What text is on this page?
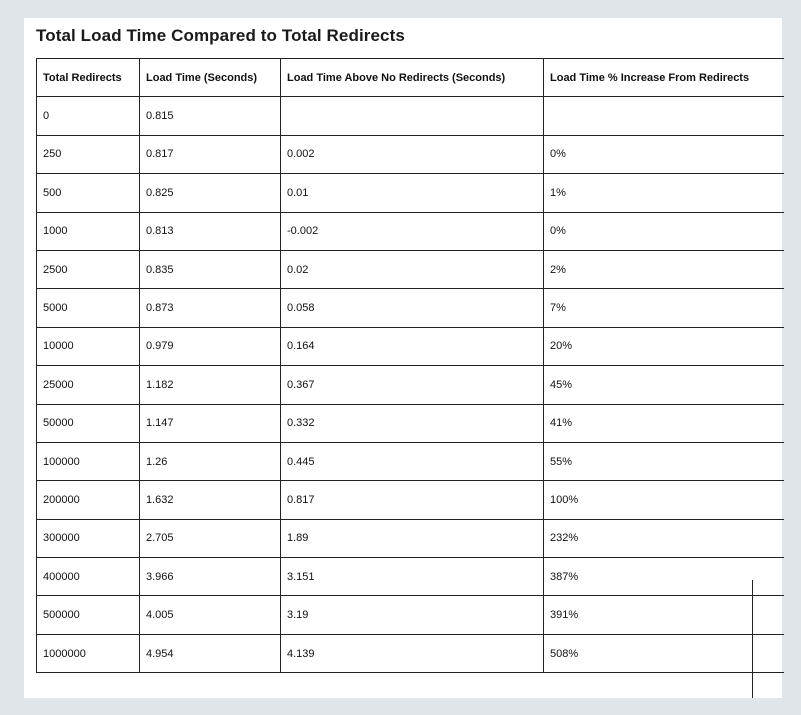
Total Load Time Compared to Total Redirects
Total Redirects	Load Time (Seconds)	Load Time Above No Redirects (Seconds)	Load Time % Increase From Redirects
0	0.815		
250	0.817	0.002	0%
500	0.825	0.01	1%
1000	0.813	-0.002	0%
2500	0.835	0.02	2%
5000	0.873	0.058	7%
10000	0.979	0.164	20%
25000	1.182	0.367	45%
50000	1.147	0.332	41%
100000	1.26	0.445	55%
200000	1.632	0.817	100%
300000	2.705	1.89	232%
400000	3.966	3.151	387%
500000	4.005	3.19	391%
1000000	4.954	4.139	508%
